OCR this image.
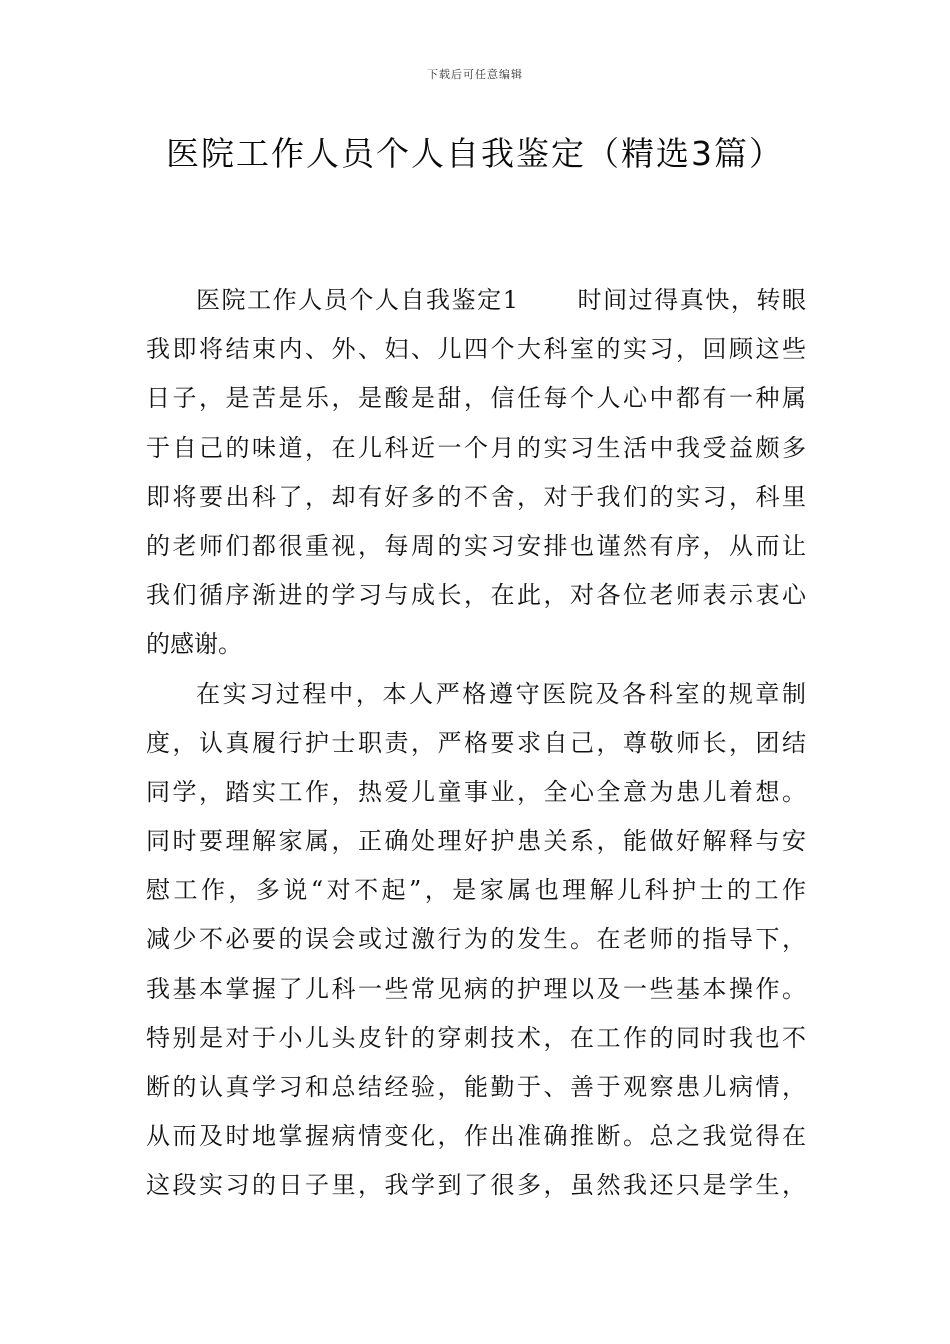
下载后可任意编辑
医院工作人员个人自我鉴定（精选3篇）
医院工作人员个人自我鉴定1 时间过得真快，转眼
我即将结束内、外、妇、儿四个大科室的实习，回顾这些
日子，是苦是乐，是酸是甜，信任每个人心中都有一种属
于自己的味道，在儿科近一个月的实习生活中我受益颇多
即将要出科了，却有好多的不舍，对于我们的实习，科里
的老师们都很重视，每周的实习安排也谨然有序，从而让
我们循序渐进的学习与成长，在此，对各位老师表示衷心
的感谢。
在实习过程中，本人严格遵守医院及各科室的规章制
度，认真履行护士职责，严格要求自己，尊敬师长，团结
同学，踏实工作，热爱儿童事业，全心全意为患儿着想。
同时要理解家属，正确处理好护患关系，能做好解释与安
慰工作，多说“对不起”，是家属也理解儿科护士的工作
减少不必要的误会或过激行为的发生。在老师的指导下，
我基本掌握了儿科一些常见病的护理以及一些基本操作。
特别是对于小儿头皮针的穿刺技术，在工作的同时我也不
断的认真学习和总结经验，能勤于、善于观察患儿病情，
从而及时地掌握病情变化，作出准确推断。总之我觉得在
这段实习的日子里，我学到了很多，虽然我还只是学生，
